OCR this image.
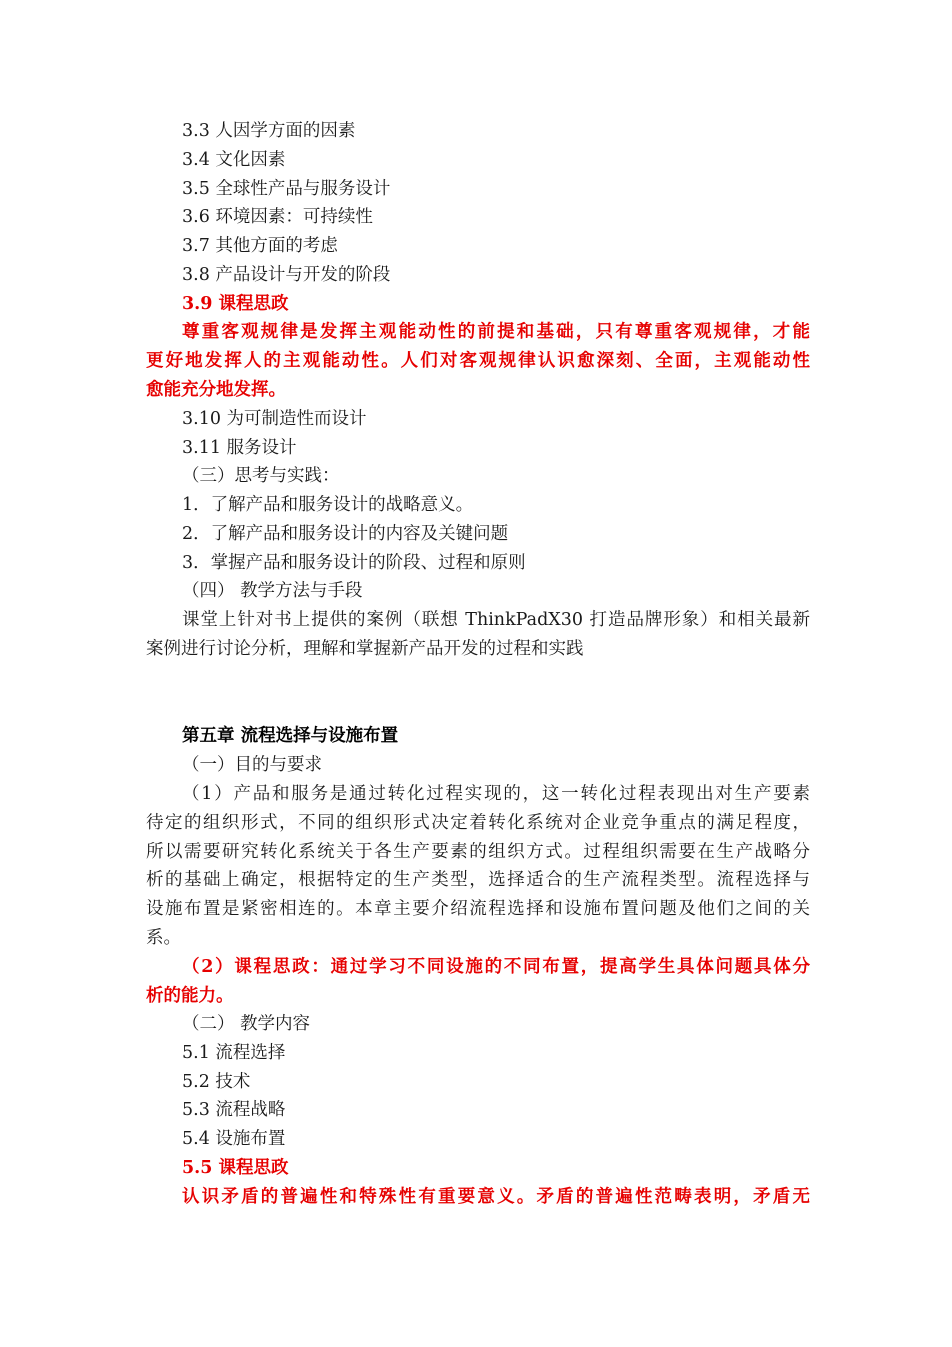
3.3 人因学方面的因素
3.4 文化因素
3.5 全球性产品与服务设计
3.6 环境因素：可持续性
3.7 其他方面的考虑
3.8 产品设计与开发的阶段
3.9 课程思政
尊重客观规律是发挥主观能动性的前提和基础，只有尊重客观规律，才能
更好地发挥人的主观能动性。人们对客观规律认识愈深刻、全面，主观能动性
愈能充分地发挥。
3.10 为可制造性而设计
3.11 服务设计
（三）思考与实践：
1．了解产品和服务设计的战略意义。
2．了解产品和服务设计的内容及关键问题
3．掌握产品和服务设计的阶段、过程和原则
（四） 教学方法与手段
课堂上针对书上提供的案例（联想 ThinkPadX30 打造品牌形象）和相关最新
案例进行讨论分析，理解和掌握新产品开发的过程和实践
第五章 流程选择与设施布置
（一）目的与要求
（1）产品和服务是通过转化过程实现的，这一转化过程表现出对生产要素
待定的组织形式，不同的组织形式决定着转化系统对企业竞争重点的满足程度，
所以需要研究转化系统关于各生产要素的组织方式。过程组织需要在生产战略分
析的基础上确定，根据特定的生产类型，选择适合的生产流程类型。流程选择与
设施布置是紧密相连的。本章主要介绍流程选择和设施布置问题及他们之间的关
系。
（2）课程思政：通过学习不同设施的不同布置，提高学生具体问题具体分
析的能力。
（二） 教学内容
5.1 流程选择
5.2 技术
5.3 流程战略
5.4 设施布置
5.5 课程思政
认识矛盾的普遍性和特殊性有重要意义。矛盾的普遍性范畴表明，矛盾无
